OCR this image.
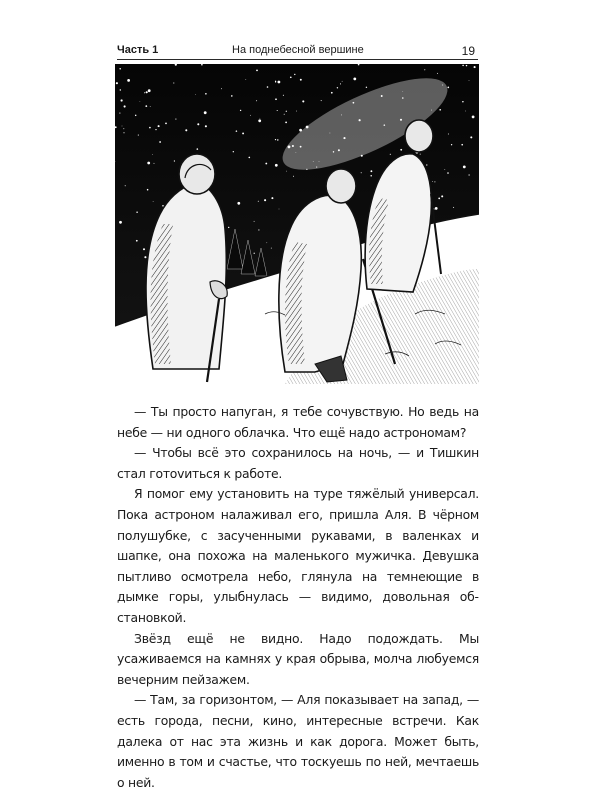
Часть 1	На поднебесной вершине	19

— Ты просто напуган, я тебе сочувствую. Но ведь на небе — ни одного облачка. Что ещё надо астрономам?

— Чтобы всё это сохранилось на ночь, — и Тишкин стал готоvиться к работе.

Я помог ему установить на туре тяжёлый универсал. Пока астроном налаживал его, пришла Аля. В чёрном полушубке, с засученными рукавами, в валенках и шапке, она похожа на маленького мужичка. Девушка пытливо осмотрела небо, глянула на темнеющие в дымке горы, улыбнулась — видимо, довольная обстановкой.

Звёзд ещё не видно. Надо подождать. Мы усаживаемся на камнях у края обрыва, молча любуемся вечерним пейзажем.

— Там, за горизонтом, — Аля показывает на запад, — есть города, песни, кино, интересные встречи. Как далека от нас эта жизнь и как дорога. Может быть, именно в том и счастье, что тоскуешь по ней, мечтаешь о ней.
